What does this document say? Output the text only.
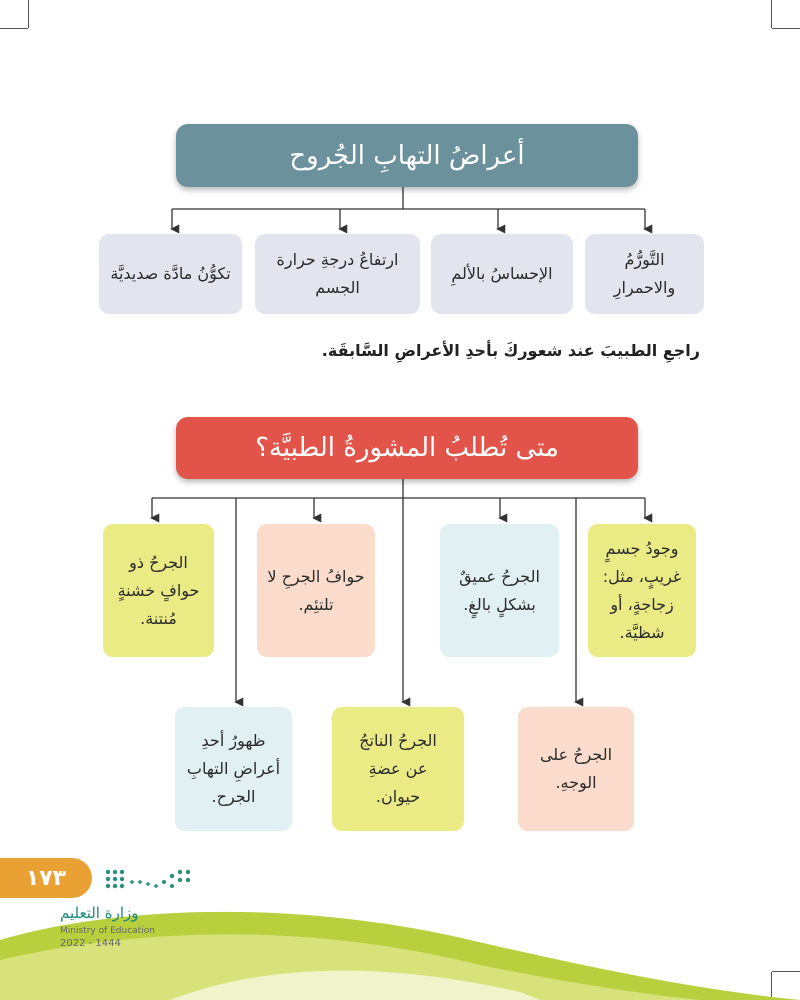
أعراضُ التهابِ الجُروح
التَّورُّمُ والاحمرارِ
الإحساسُ بالألمِ
ارتفاعُ درجةِ حرارة الجسم
تكوُّنُ مادَّة صديديَّة
راجعِ الطبيبَ عند شعوركَ بأحدِ الأعراضِ السَّابقَة.
متى تُطلبُ المشورةُ الطبيَّة؟
وجودُ جسمٍ
غريبٍ، مثل:
زجاجةٍ، أو
شظيَّة.
الجرحُ عميقٌ
بشكلٍ بالغٍ.
حوافُ الجرحِ لا
تلتئِم.
الجرحُ ذو
حوافٍ خشنةٍ
مُنتنة.
الجرحُ على
الوجهِ.
الجرحُ الناتجُ
عن عضةِ
حيوان.
ظهورُ أحدِ
أعراضِ التهابِ
الجرح.
١٧٣
وزارة التعليم
Ministry of Education
2022 - 1444
